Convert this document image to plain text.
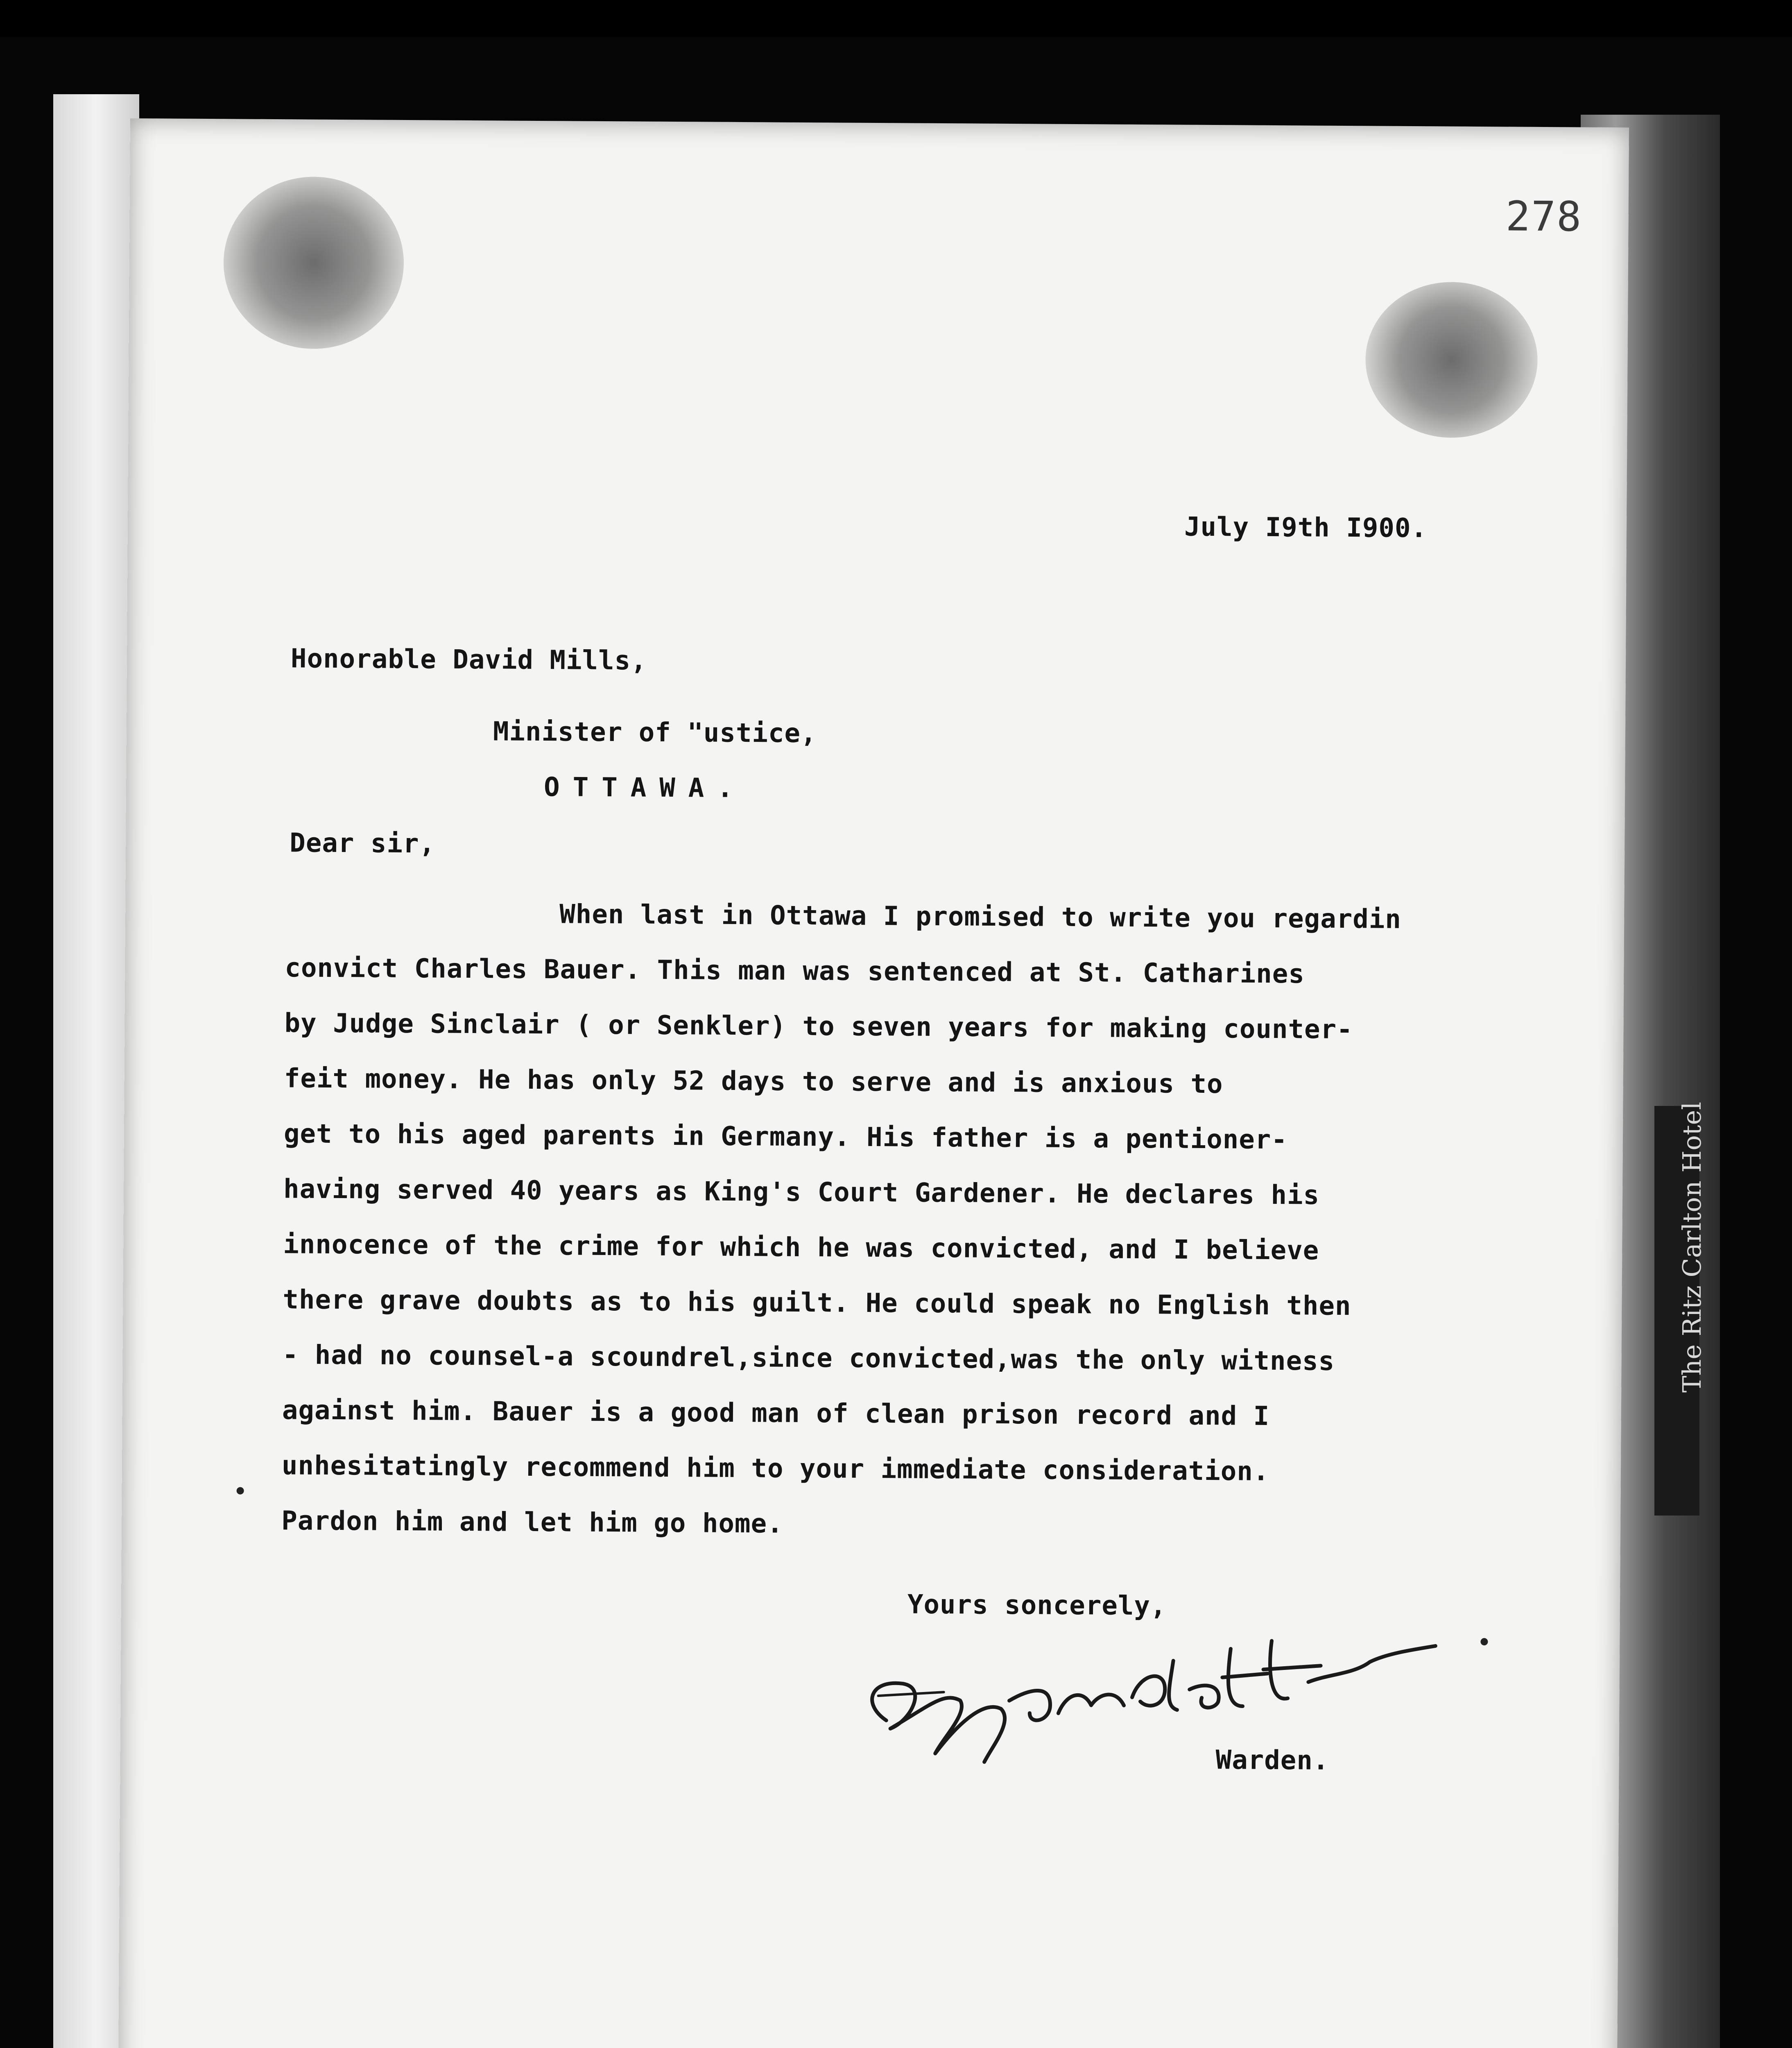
The Ritz Carlton Hotel
278
July I9th I900.
Honorable David Mills,
Minister of "ustice,
OTTAWA.
Dear sir,
When last in Ottawa I promised to write you regardin
convict Charles Bauer. This man was sentenced at St. Catharines
by Judge Sinclair ( or Senkler) to seven years for making counter-
feit money. He has only 52 days to serve and is anxious to
get to his aged parents in Germany. His father is a pentioner-
having served 40 years as King's Court Gardener. He declares his
innocence of the crime for which he was convicted, and I believe
there grave doubts as to his guilt. He could speak no English then
- had no counsel-a scoundrel,since convicted,was the only witness
against him. Bauer is a good man of clean prison record and I
unhesitatingly recommend him to your immediate consideration.
Pardon him and let him go home.
Yours soncerely,
Warden.
